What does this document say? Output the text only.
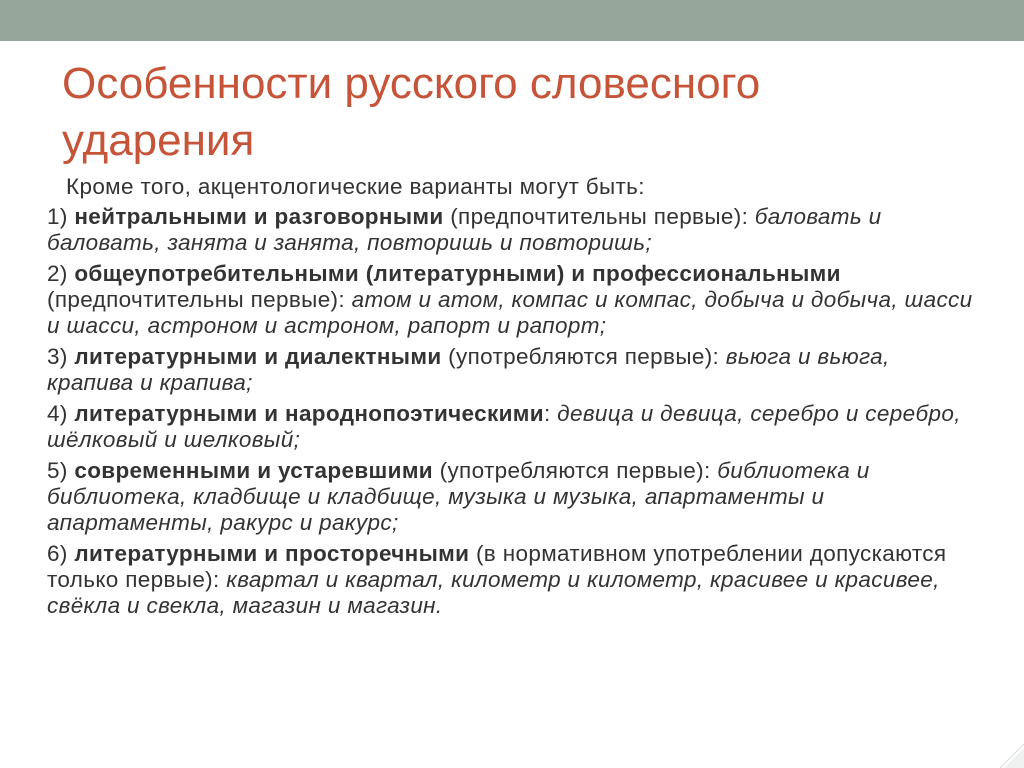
Особенности русского словесного ударения

Кроме того, акцентологические варианты могут быть:

1) нейтральными и разговорными (предпочтительны первые): баловать и баловать, занята и занята, повторишь и повторишь;

2) общеупотребительными (литературными) и профессиональными (предпочтительны первые): атом и атом, компас и компас, добыча и добыча, шасси и шасси, астроном и астроном, рапорт и рапорт;

3) литературными и диалектными (употребляются первые): вьюга и вьюга, крапива и крапива;

4) литературными и народнопоэтическими: девица и девица, серебро и серебро, шёлковый и шелковый;

5) современными и устаревшими (употребляются первые): библиотека и библиотека, кладбище и кладбище, музыка и музыка, апартаменты и апартаменты, ракурс и ракурс;

6) литературными и просторечными (в нормативном употреблении допускаются только первые): квартал и квартал, километр и километр, красивее и красивее, свёкла и свекла, магазин и магазин.
